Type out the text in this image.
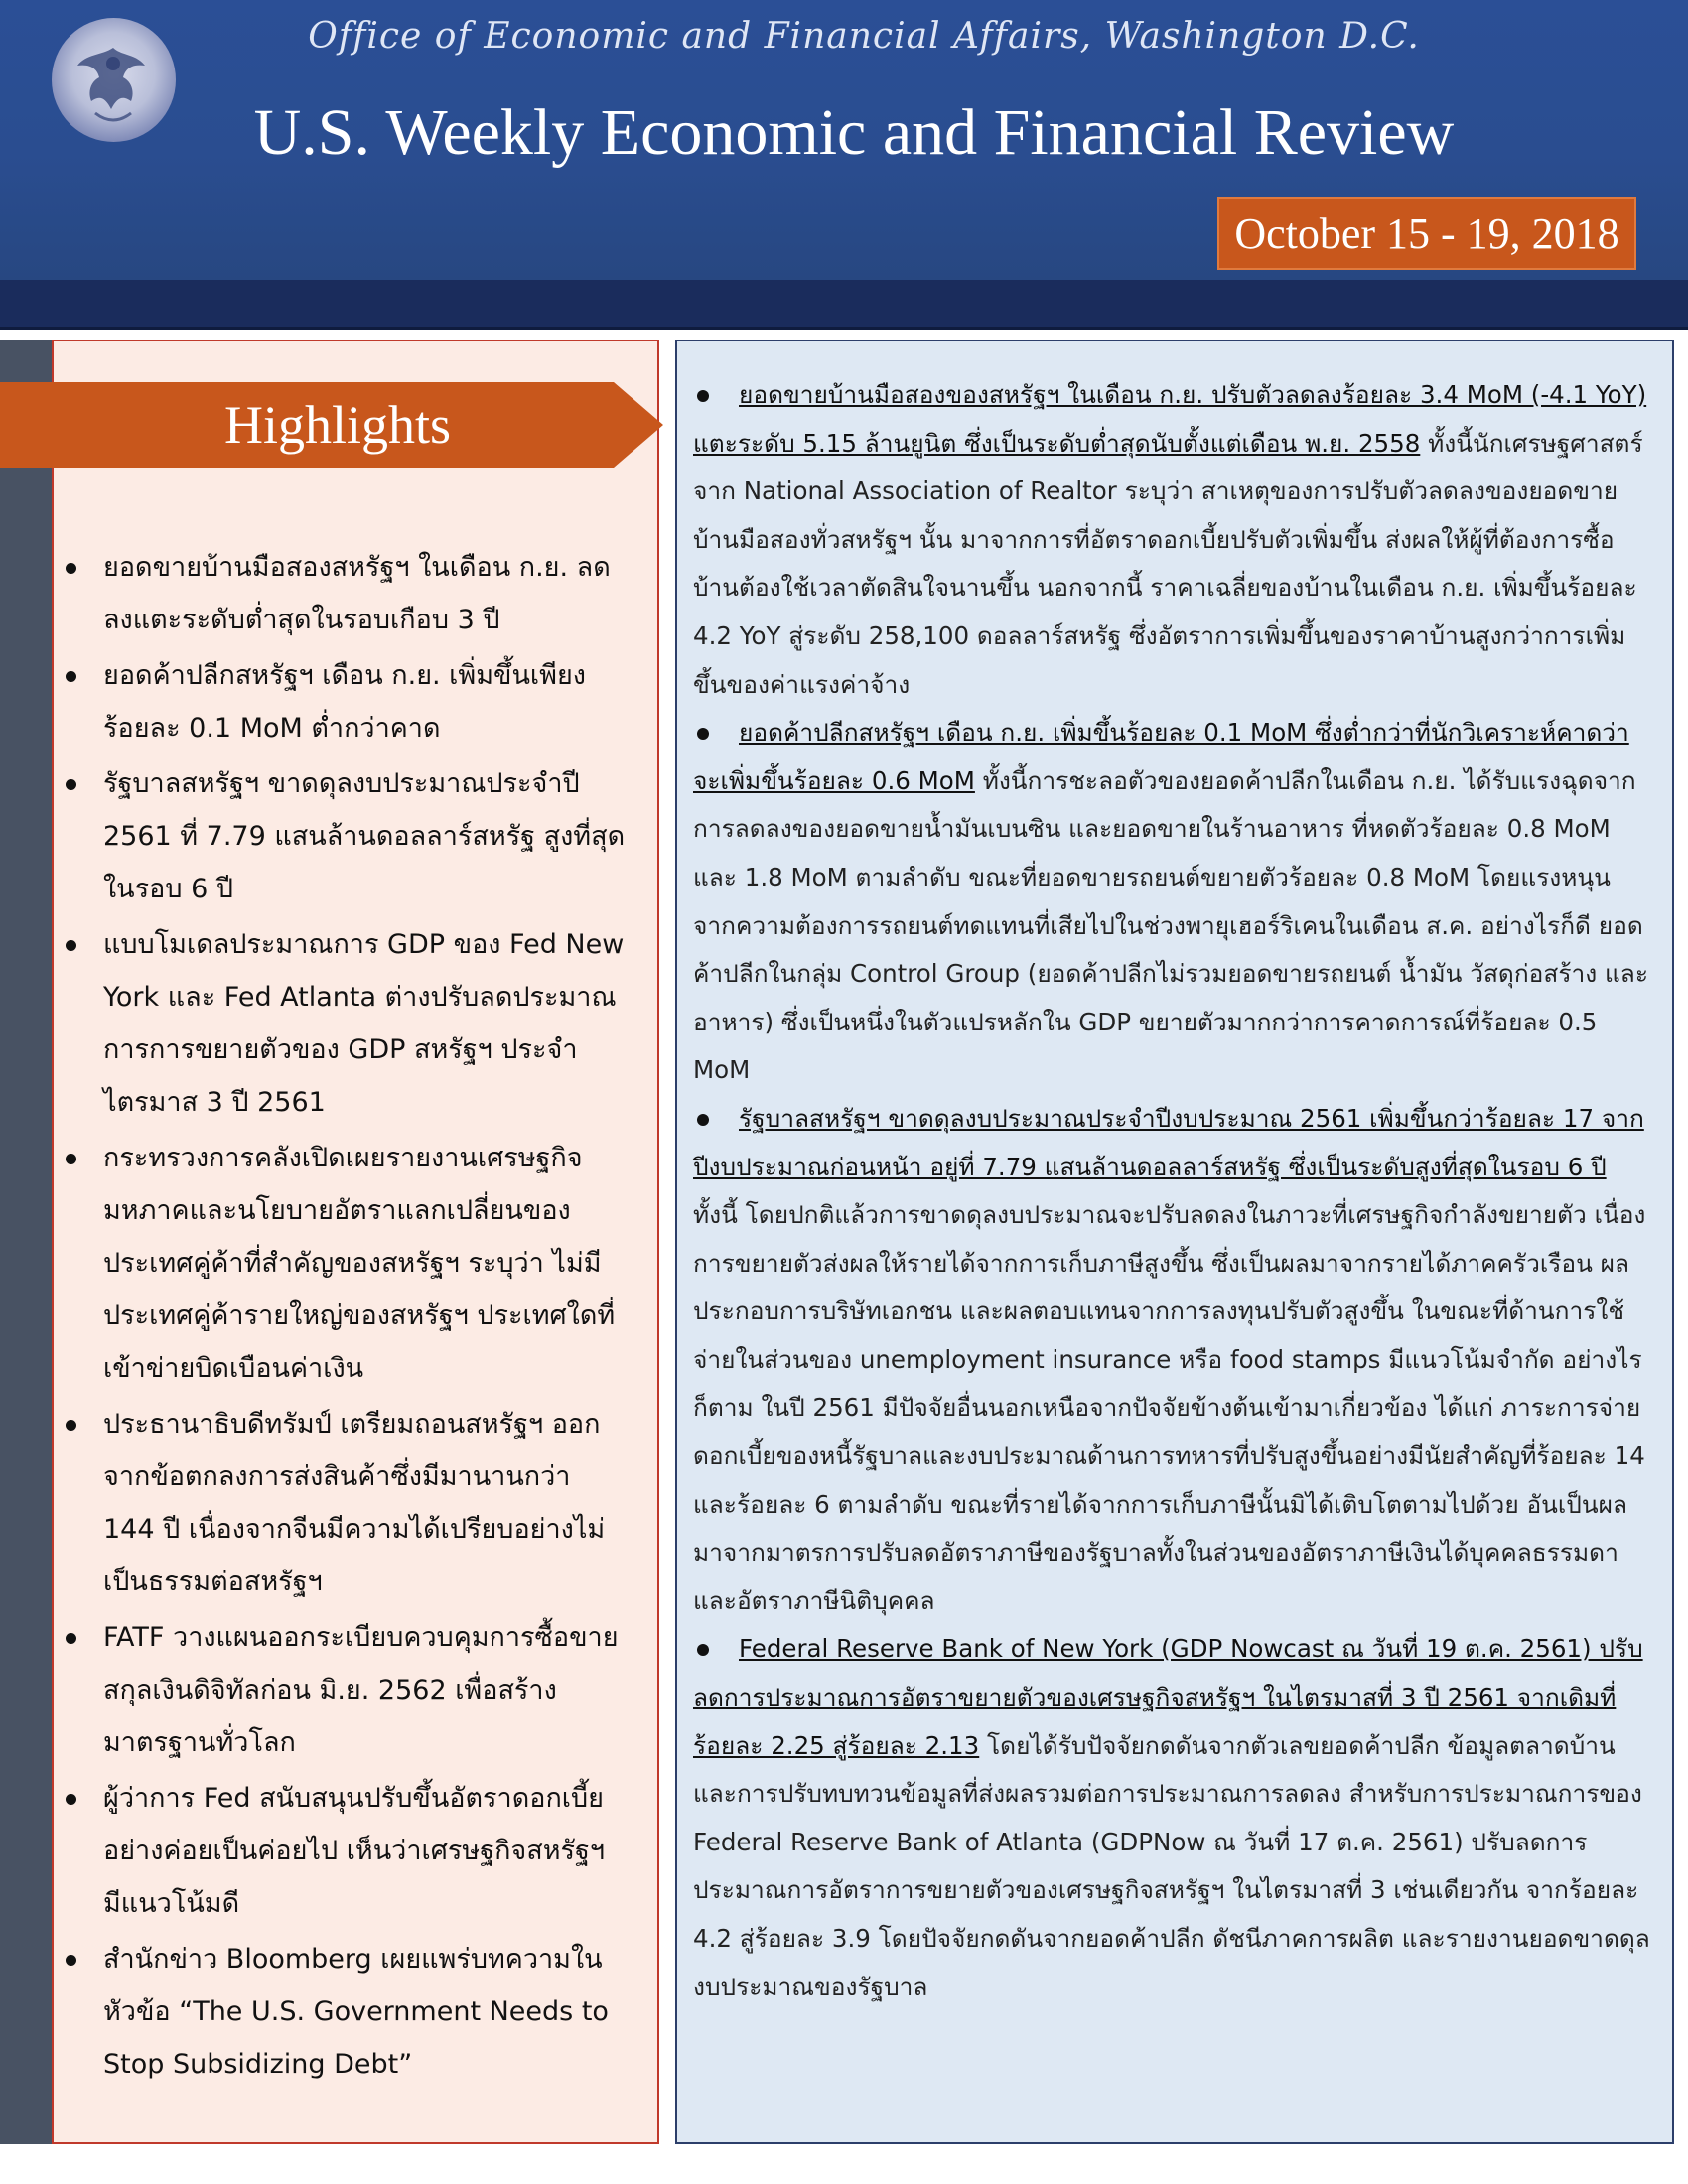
Office of Economic and Financial Affairs, Washington D.C.
U.S. Weekly Economic and Financial Review
October 15 - 19, 2018
Highlights
ยอดขายบ้านมือสองสหรัฐฯ ในเดือน ก.ย. ลดลงแตะระดับต่ำสุดในรอบเกือบ 3 ปี
ยอดค้าปลีกสหรัฐฯ เดือน ก.ย. เพิ่มขึ้นเพียงร้อยละ 0.1 MoM ต่ำกว่าคาด
รัฐบาลสหรัฐฯ ขาดดุลงบประมาณประจำปี 2561 ที่ 7.79 แสนล้านดอลลาร์สหรัฐ สูงที่สุดในรอบ 6 ปี
แบบโมเดลประมาณการ GDP ของ Fed New York และ Fed Atlanta ต่างปรับลดประมาณการการขยายตัวของ GDP สหรัฐฯ ประจำไตรมาส 3 ปี 2561
กระทรวงการคลังเปิดเผยรายงานเศรษฐกิจมหภาคและนโยบายอัตราแลกเปลี่ยนของประเทศคู่ค้าที่สำคัญของสหรัฐฯ ระบุว่า ไม่มีประเทศคู่ค้ารายใหญ่ของสหรัฐฯ ประเทศใดที่เข้าข่ายบิดเบือนค่าเงิน
ประธานาธิบดีทรัมป์ เตรียมถอนสหรัฐฯ ออกจากข้อตกลงการส่งสินค้าซึ่งมีมานานกว่า 144 ปี เนื่องจากจีนมีความได้เปรียบอย่างไม่เป็นธรรมต่อสหรัฐฯ
FATF วางแผนออกระเบียบควบคุมการซื้อขายสกุลเงินดิจิทัลก่อน มิ.ย. 2562 เพื่อสร้างมาตรฐานทั่วโลก
ผู้ว่าการ Fed สนับสนุนปรับขึ้นอัตราดอกเบี้ยอย่างค่อยเป็นค่อยไป เห็นว่าเศรษฐกิจสหรัฐฯ มีแนวโน้มดี
สำนักข่าว Bloomberg เผยแพร่บทความในหัวข้อ “The U.S. Government Needs to Stop Subsidizing Debt”

ยอดขายบ้านมือสองของสหรัฐฯ ในเดือน ก.ย. ปรับตัวลดลงร้อยละ 3.4 MoM (-4.1 YoY) แตะระดับ 5.15 ล้านยูนิต ซึ่งเป็นระดับต่ำสุดนับตั้งแต่เดือน พ.ย. 2558 ทั้งนี้นักเศรษฐศาสตร์จาก National Association of Realtor ระบุว่า สาเหตุของการปรับตัวลดลงของยอดขายบ้านมือสองทั่วสหรัฐฯ นั้น มาจากการที่อัตราดอกเบี้ยปรับตัวเพิ่มขึ้น ส่งผลให้ผู้ที่ต้องการซื้อบ้านต้องใช้เวลาตัดสินใจนานขึ้น นอกจากนี้ ราคาเฉลี่ยของบ้านในเดือน ก.ย. เพิ่มขึ้นร้อยละ 4.2 YoY สู่ระดับ 258,100 ดอลลาร์สหรัฐ ซึ่งอัตราการเพิ่มขึ้นของราคาบ้านสูงกว่าการเพิ่มขึ้นของค่าแรงค่าจ้าง

ยอดค้าปลีกสหรัฐฯ เดือน ก.ย. เพิ่มขึ้นร้อยละ 0.1 MoM ซึ่งต่ำกว่าที่นักวิเคราะห์คาดว่าจะเพิ่มขึ้นร้อยละ 0.6 MoM ทั้งนี้การชะลอตัวของยอดค้าปลีกในเดือน ก.ย. ได้รับแรงฉุดจากการลดลงของยอดขายน้ำมันเบนซิน และยอดขายในร้านอาหาร ที่หดตัวร้อยละ 0.8 MoM และ 1.8 MoM ตามลำดับ ขณะที่ยอดขายรถยนต์ขยายตัวร้อยละ 0.8 MoM โดยแรงหนุนจากความต้องการรถยนต์ทดแทนที่เสียไปในช่วงพายุเฮอร์ริเคนในเดือน ส.ค. อย่างไรก็ดี ยอดค้าปลีกในกลุ่ม Control Group (ยอดค้าปลีกไม่รวมยอดขายรถยนต์ น้ำมัน วัสดุก่อสร้าง และอาหาร) ซึ่งเป็นหนึ่งในตัวแปรหลักใน GDP ขยายตัวมากกว่าการคาดการณ์ที่ร้อยละ 0.5 MoM

รัฐบาลสหรัฐฯ ขาดดุลงบประมาณประจำปีงบประมาณ 2561 เพิ่มขึ้นกว่าร้อยละ 17 จากปีงบประมาณก่อนหน้า อยู่ที่ 7.79 แสนล้านดอลลาร์สหรัฐ ซึ่งเป็นระดับสูงที่สุดในรอบ 6 ปี ทั้งนี้ โดยปกติแล้วการขาดดุลงบประมาณจะปรับลดลงในภาวะที่เศรษฐกิจกำลังขยายตัว เนื่องการขยายตัวส่งผลให้รายได้จากการเก็บภาษีสูงขึ้น ซึ่งเป็นผลมาจากรายได้ภาคครัวเรือน ผลประกอบการบริษัทเอกชน และผลตอบแทนจากการลงทุนปรับตัวสูงขึ้น ในขณะที่ด้านการใช้จ่ายในส่วนของ unemployment insurance หรือ food stamps มีแนวโน้มจำกัด อย่างไรก็ตาม ในปี 2561 มีปัจจัยอื่นนอกเหนือจากปัจจัยข้างต้นเข้ามาเกี่ยวข้อง ได้แก่ ภาระการจ่ายดอกเบี้ยของหนี้รัฐบาลและงบประมาณด้านการทหารที่ปรับสูงขึ้นอย่างมีนัยสำคัญที่ร้อยละ 14 และร้อยละ 6 ตามลำดับ ขณะที่รายได้จากการเก็บภาษีนั้นมิได้เติบโตตามไปด้วย อันเป็นผลมาจากมาตรการปรับลดอัตราภาษีของรัฐบาลทั้งในส่วนของอัตราภาษีเงินได้บุคคลธรรมดา และอัตราภาษีนิติบุคคล

Federal Reserve Bank of New York (GDP Nowcast ณ วันที่ 19 ต.ค. 2561) ปรับลดการประมาณการอัตราขยายตัวของเศรษฐกิจสหรัฐฯ ในไตรมาสที่ 3 ปี 2561 จากเดิมที่ร้อยละ 2.25 สู่ร้อยละ 2.13 โดยได้รับปัจจัยกดดันจากตัวเลขยอดค้าปลีก ข้อมูลตลาดบ้าน และการปรับทบทวนข้อมูลที่ส่งผลรวมต่อการประมาณการลดลง สำหรับการประมาณการของ Federal Reserve Bank of Atlanta (GDPNow ณ วันที่ 17 ต.ค. 2561) ปรับลดการประมาณการอัตราการขยายตัวของเศรษฐกิจสหรัฐฯ ในไตรมาสที่ 3 เช่นเดียวกัน จากร้อยละ 4.2 สู่ร้อยละ 3.9 โดยปัจจัยกดดันจากยอดค้าปลีก ดัชนีภาคการผลิต และรายงานยอดขาดดุลงบประมาณของรัฐบาล
